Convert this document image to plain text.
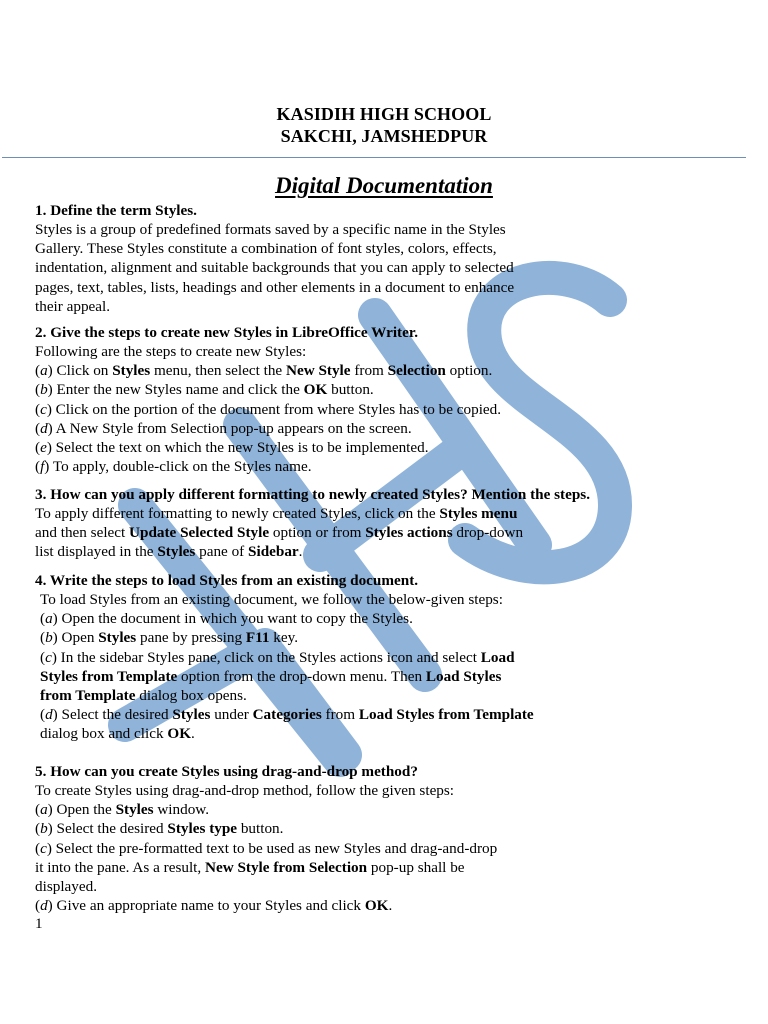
KASIDIH HIGH SCHOOL
SAKCHI, JAMSHEDPUR
Digital Documentation
1. Define the term Styles.
Styles is a group of predefined formats saved by a specific name in the Styles
Gallery. These Styles constitute a combination of font styles, colors, effects,
indentation, alignment and suitable backgrounds that you can apply to selected
pages, text, tables, lists, headings and other elements in a document to enhance
their appeal.
2. Give the steps to create new Styles in LibreOffice Writer.
Following are the steps to create new Styles:
(a) Click on Styles menu, then select the New Style from Selection option.
(b) Enter the new Styles name and click the OK button.
(c) Click on the portion of the document from where Styles has to be copied.
(d) A New Style from Selection pop-up appears on the screen.
(e) Select the text on which the new Styles is to be implemented.
(f) To apply, double-click on the Styles name.
3. How can you apply different formatting to newly created Styles? Mention the steps.
To apply different formatting to newly created Styles, click on the Styles menu
and then select Update Selected Style option or from Styles actions drop-down
list displayed in the Styles pane of Sidebar.
4. Write the steps to load Styles from an existing document.
To load Styles from an existing document, we follow the below-given steps:
(a) Open the document in which you want to copy the Styles.
(b) Open Styles pane by pressing F11 key.
(c) In the sidebar Styles pane, click on the Styles actions icon and select Load
Styles from Template option from the drop-down menu. Then Load Styles
from Template dialog box opens.
(d) Select the desired Styles under Categories from Load Styles from Template
dialog box and click OK.
5. How can you create Styles using drag-and-drop method?
To create Styles using drag-and-drop method, follow the given steps:
(a) Open the Styles window.
(b) Select the desired Styles type button.
(c) Select the pre-formatted text to be used as new Styles and drag-and-drop
it into the pane. As a result, New Style from Selection pop-up shall be
displayed.
(d) Give an appropriate name to your Styles and click OK.
1
